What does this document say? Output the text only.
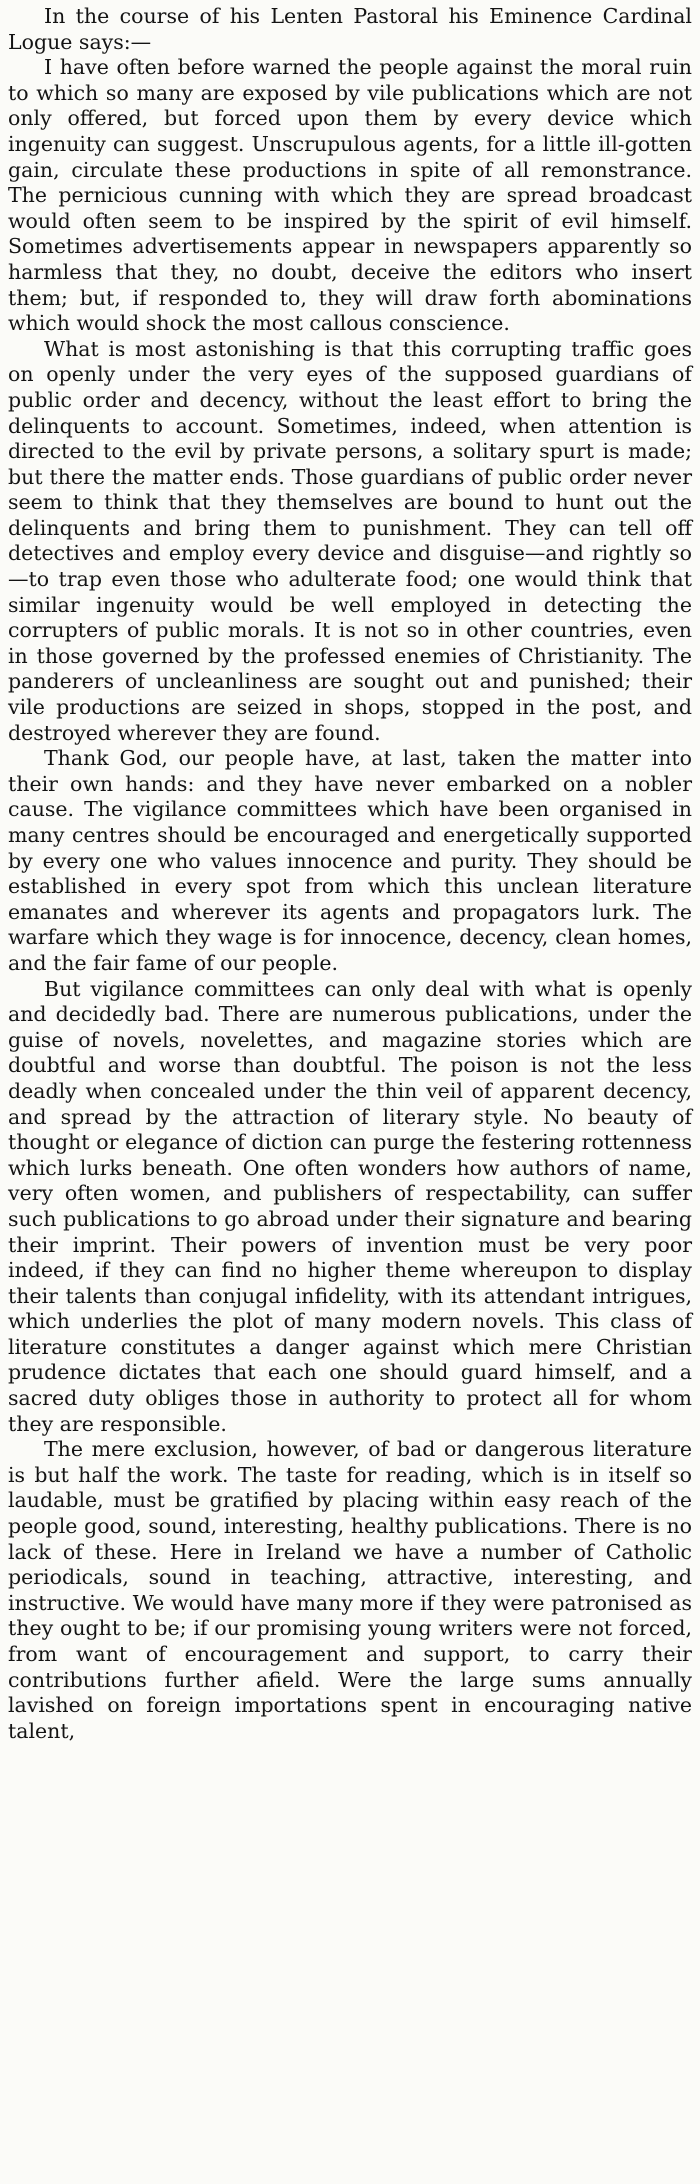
In the course of his Lenten Pastoral his Eminence Cardinal Logue says:—

I have often before warned the people against the moral ruin to which so many are exposed by vile publications which are not only offered, but forced upon them by every device which ingenuity can suggest. Unscrupulous agents, for a little ill-gotten gain, circulate these productions in spite of all remonstrance. The pernicious cunning with which they are spread broadcast would often seem to be inspired by the spirit of evil himself. Sometimes advertisements appear in newspapers apparently so harmless that they, no doubt, deceive the editors who insert them; but, if responded to, they will draw forth abominations which would shock the most callous conscience.

What is most astonishing is that this corrupting traffic goes on openly under the very eyes of the supposed guardians of public order and decency, without the least effort to bring the delinquents to account. Sometimes, indeed, when attention is directed to the evil by private persons, a solitary spurt is made; but there the matter ends. Those guardians of public order never seem to think that they themselves are bound to hunt out the delinquents and bring them to punishment. They can tell off detectives and employ every device and disguise—and rightly so—to trap even those who adulterate food; one would think that similar ingenuity would be well employed in detecting the corrupters of public morals. It is not so in other countries, even in those governed by the professed enemies of Christianity. The panderers of uncleanliness are sought out and punished; their vile productions are seized in shops, stopped in the post, and destroyed wherever they are found.

Thank God, our people have, at last, taken the matter into their own hands: and they have never embarked on a nobler cause. The vigilance committees which have been organised in many centres should be encouraged and energetically supported by every one who values innocence and purity. They should be established in every spot from which this unclean literature emanates and wherever its agents and propagators lurk. The warfare which they wage is for innocence, decency, clean homes, and the fair fame of our people.

But vigilance committees can only deal with what is openly and decidedly bad. There are numerous publications, under the guise of novels, novelettes, and magazine stories which are doubtful and worse than doubtful. The poison is not the less deadly when concealed under the thin veil of apparent decency, and spread by the attraction of literary style. No beauty of thought or elegance of diction can purge the festering rottenness which lurks beneath. One often wonders how authors of name, very often women, and publishers of respectability, can suffer such publications to go abroad under their signature and bearing their imprint. Their powers of invention must be very poor indeed, if they can find no higher theme whereupon to display their talents than conjugal infidelity, with its attendant intrigues, which underlies the plot of many modern novels. This class of literature constitutes a danger against which mere Christian prudence dictates that each one should guard himself, and a sacred duty obliges those in authority to protect all for whom they are responsible.

The mere exclusion, however, of bad or dangerous literature is but half the work. The taste for reading, which is in itself so laudable, must be gratified by placing within easy reach of the people good, sound, interesting, healthy publications. There is no lack of these. Here in Ireland we have a number of Catholic periodicals, sound in teaching, attractive, interesting, and instructive. We would have many more if they were patronised as they ought to be; if our promising young writers were not forced, from want of encouragement and support, to carry their contributions further afield. Were the large sums annually lavished on foreign importations spent in encouraging native talent,
